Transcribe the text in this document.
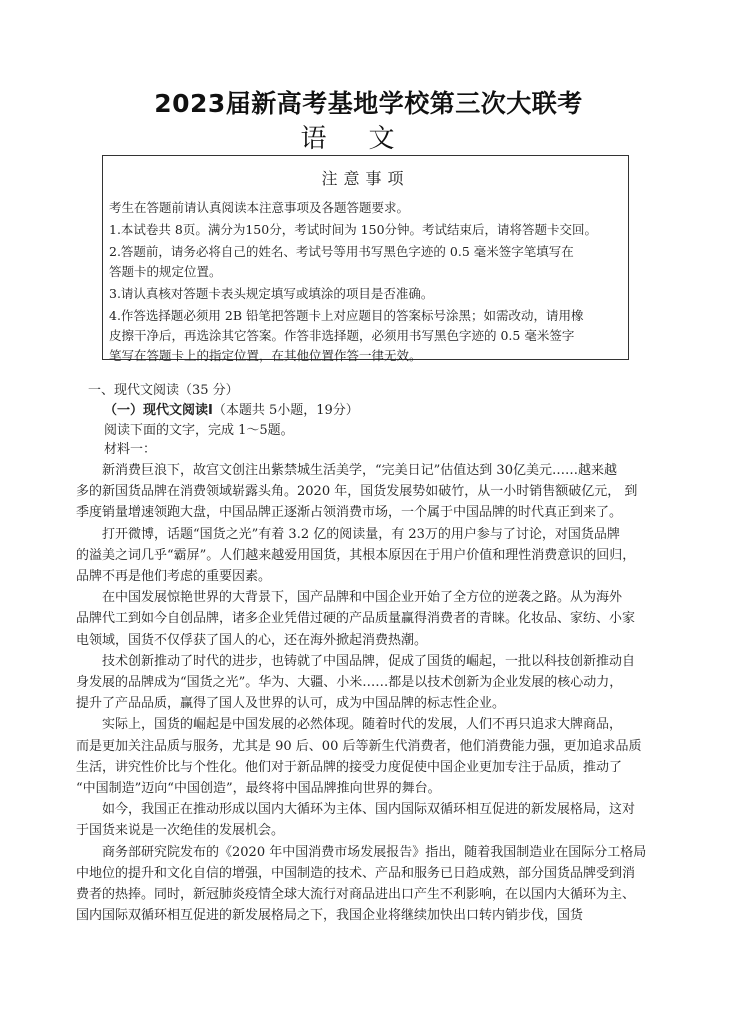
2023届新高考基地学校第三次大联考
语文
注意事项
考生在答题前请认真阅读本注意事项及各题答题要求。
1.本试卷共 8页。满分为150分，考试时间为 150分钟。考试结束后，请将答题卡交回。
2.答题前，请务必将自己的姓名、考试号等用书写黑色字迹的 0.5 毫米签字笔填写在
答题卡的规定位置。
3.请认真核对答题卡表头规定填写或填涂的项目是否准确。
4.作答选择题必须用 2B 铅笔把答题卡上对应题目的答案标号涂黑；如需改动，请用橡
皮擦干净后，再选涂其它答案。作答非选择题，必须用书写黑色字迹的 0.5 毫米签字
笔写在答题卡上的指定位置，在其他位置作答一律无效。
一、现代文阅读（35 分）
（一）现代文阅读Ⅰ（本题共 5小题，19分）
阅读下面的文字，完成 1～5题。
材料一：
新消费巨浪下，故宫文创注出紫禁城生活美学，“完美日记”估值达到 30亿美元……越来越
多的新国货品牌在消费领域崭露头角。2020 年，国货发展势如破竹，从一小时销售额破亿元， 到
季度销量增速领跑大盘，中国品牌正逐渐占领消费市场，一个属于中国品牌的时代真正到来了。
打开微博，话题“国货之光”有着 3.2 亿的阅读量，有 23万的用户参与了讨论，对国货品牌
的溢美之词几乎“霸屏”。人们越来越爱用国货，其根本原因在于用户价值和理性消费意识的回归，
品牌不再是他们考虑的重要因素。
在中国发展惊艳世界的大背景下，国产品牌和中国企业开始了全方位的逆袭之路。从为海外
品牌代工到如今自创品牌，诸多企业凭借过硬的产品质量赢得消费者的青睐。化妆品、家纺、小家
电领域，国货不仅俘获了国人的心，还在海外掀起消费热潮。
技术创新推动了时代的进步，也铸就了中国品牌，促成了国货的崛起，一批以科技创新推动自
身发展的品牌成为“国货之光”。华为、大疆、小米……都是以技术创新为企业发展的核心动力，
提升了产品品质，赢得了国人及世界的认可，成为中国品牌的标志性企业。
实际上，国货的崛起是中国发展的必然体现。随着时代的发展，人们不再只追求大牌商品，
而是更加关注品质与服务，尤其是 90 后、00 后等新生代消费者，他们消费能力强，更加追求品质
生活，讲究性价比与个性化。他们对于新品牌的接受力度促使中国企业更加专注于品质，推动了
“中国制造”迈向“中国创造”，最终将中国品牌推向世界的舞台。
如今，我国正在推动形成以国内大循环为主体、国内国际双循环相互促进的新发展格局，这对
于国货来说是一次绝佳的发展机会。
商务部研究院发布的《2020 年中国消费市场发展报告》指出，随着我国制造业在国际分工格局
中地位的提升和文化自信的增强，中国制造的技术、产品和服务已日趋成熟，部分国货品牌受到消
费者的热捧。同时，新冠肺炎疫情全球大流行对商品进出口产生不利影响，在以国内大循环为主、
国内国际双循环相互促进的新发展格局之下，我国企业将继续加快出口转内销步伐，国货
